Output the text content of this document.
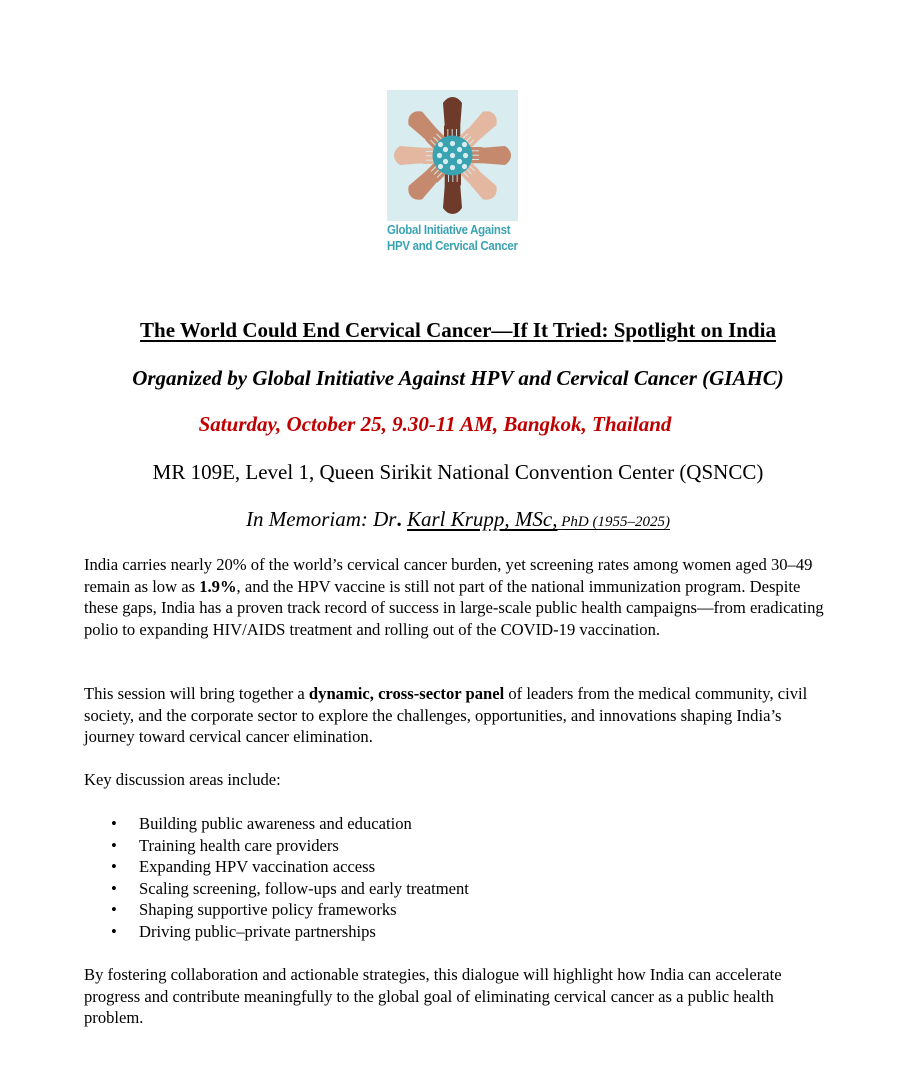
Global Initiative Against
HPV and Cervical Cancer
The World Could End Cervical Cancer—If It Tried: Spotlight on India
Organized by Global Initiative Against HPV and Cervical Cancer (GIAHC)
Saturday, October 25, 9.30-11 AM, Bangkok, Thailand
MR 109E, Level 1, Queen Sirikit National Convention Center (QSNCC)
In Memoriam: Dr. Karl Krupp, MSc, PhD (1955–2025)
India carries nearly 20% of the world’s cervical cancer burden, yet screening rates among women aged 30–49 remain as low as 1.9%, and the HPV vaccine is still not part of the national immunization program. Despite these gaps, India has a proven track record of success in large-scale public health campaigns—from eradicating polio to expanding HIV/AIDS treatment and rolling out of the COVID-19 vaccination.
This session will bring together a dynamic, cross-sector panel of leaders from the medical community, civil society, and the corporate sector to explore the challenges, opportunities, and innovations shaping India’s journey toward cervical cancer elimination.
Key discussion areas include:
• Building public awareness and education
• Training health care providers
• Expanding HPV vaccination access
• Scaling screening, follow-ups and early treatment
• Shaping supportive policy frameworks
• Driving public–private partnerships
By fostering collaboration and actionable strategies, this dialogue will highlight how India can accelerate progress and contribute meaningfully to the global goal of eliminating cervical cancer as a public health problem.
